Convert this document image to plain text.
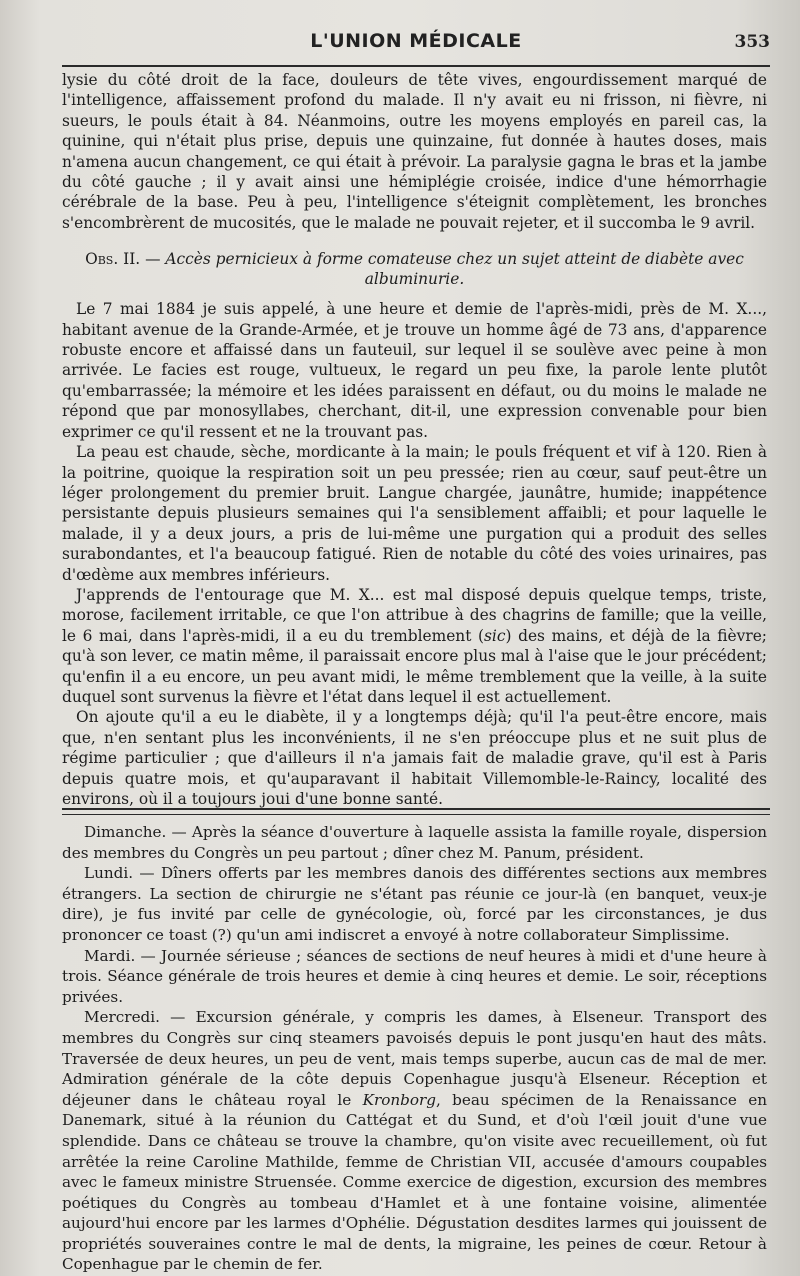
L'UNION MÉDICALE	353

lysie du côté droit de la face, douleurs de tête vives, engourdissement marqué de l'intelligence, affaissement profond du malade. Il n'y avait eu ni frisson, ni fièvre, ni sueurs, le pouls était à 84. Néanmoins, outre les moyens employés en pareil cas, la quinine, qui n'était plus prise, depuis une quinzaine, fut donnée à hautes doses, mais n'amena aucun changement, ce qui était à prévoir. La paralysie gagna le bras et la jambe du côté gauche ; il y avait ainsi une hémiplégie croisée, indice d'une hémorrhagie cérébrale de la base. Peu à peu, l'intelligence s'éteignit complètement, les bronches s'encombrèrent de mucosités, que le malade ne pouvait rejeter, et il succomba le 9 avril.

Obs. II. — Accès pernicieux à forme comateuse chez un sujet atteint de diabète avec albuminurie.

Le 7 mai 1884 je suis appelé, à une heure et demie de l'après-midi, près de M. X..., habitant avenue de la Grande-Armée, et je trouve un homme âgé de 73 ans, d'apparence robuste encore et affaissé dans un fauteuil, sur lequel il se soulève avec peine à mon arrivée. Le facies est rouge, vultueux, le regard un peu fixe, la parole lente plutôt qu'embarrassée; la mémoire et les idées paraissent en défaut, ou du moins le malade ne répond que par monosyllabes, cherchant, dit-il, une expression convenable pour bien exprimer ce qu'il ressent et ne la trouvant pas.

La peau est chaude, sèche, mordicante à la main; le pouls fréquent et vif à 120. Rien à la poitrine, quoique la respiration soit un peu pressée; rien au cœur, sauf peut-être un léger prolongement du premier bruit. Langue chargée, jaunâtre, humide; inappétence persistante depuis plusieurs semaines qui l'a sensiblement affaibli; et pour laquelle le malade, il y a deux jours, a pris de lui-même une purgation qui a produit des selles surabondantes, et l'a beaucoup fatigué. Rien de notable du côté des voies urinaires, pas d'œdème aux membres inférieurs.

J'apprends de l'entourage que M. X... est mal disposé depuis quelque temps, triste, morose, facilement irritable, ce que l'on attribue à des chagrins de famille; que la veille, le 6 mai, dans l'après-midi, il a eu du tremblement (sic) des mains, et déjà de la fièvre; qu'à son lever, ce matin même, il paraissait encore plus mal à l'aise que le jour précédent; qu'enfin il a eu encore, un peu avant midi, le même tremblement que la veille, à la suite duquel sont survenus la fièvre et l'état dans lequel il est actuellement.

On ajoute qu'il a eu le diabète, il y a longtemps déjà; qu'il l'a peut-être encore, mais que, n'en sentant plus les inconvénients, il ne s'en préoccupe plus et ne suit plus de régime particulier ; que d'ailleurs il n'a jamais fait de maladie grave, qu'il est à Paris depuis quatre mois, et qu'auparavant il habitait Villemomble-le-Raincy, localité des environs, où il a toujours joui d'une bonne santé.

Dimanche. — Après la séance d'ouverture à laquelle assista la famille royale, dispersion des membres du Congrès un peu partout ; dîner chez M. Panum, président.

Lundi. — Dîners offerts par les membres danois des différentes sections aux membres étrangers. La section de chirurgie ne s'étant pas réunie ce jour-là (en banquet, veux-je dire), je fus invité par celle de gynécologie, où, forcé par les circonstances, je dus prononcer ce toast (?) qu'un ami indiscret a envoyé à notre collaborateur Simplissime.

Mardi. — Journée sérieuse ; séances de sections de neuf heures à midi et d'une heure à trois. Séance générale de trois heures et demie à cinq heures et demie. Le soir, réceptions privées.

Mercredi. — Excursion générale, y compris les dames, à Elseneur. Transport des membres du Congrès sur cinq steamers pavoisés depuis le pont jusqu'en haut des mâts. Traversée de deux heures, un peu de vent, mais temps superbe, aucun cas de mal de mer. Admiration générale de la côte depuis Copenhague jusqu'à Elseneur. Réception et déjeuner dans le château royal le Kronborg, beau spécimen de la Renaissance en Danemark, situé à la réunion du Cattégat et du Sund, et d'où l'œil jouit d'une vue splendide. Dans ce château se trouve la chambre, qu'on visite avec recueillement, où fut arrêtée la reine Caroline Mathilde, femme de Christian VII, accusée d'amours coupables avec le fameux ministre Struensée. Comme exercice de digestion, excursion des membres poétiques du Congrès au tombeau d'Hamlet et à une fontaine voisine, alimentée aujourd'hui encore par les larmes d'Ophélie. Dégustation desdites larmes qui jouissent de propriétés souveraines contre le mal de dents, la migraine, les peines de cœur. Retour à Copenhague par le chemin de fer.
